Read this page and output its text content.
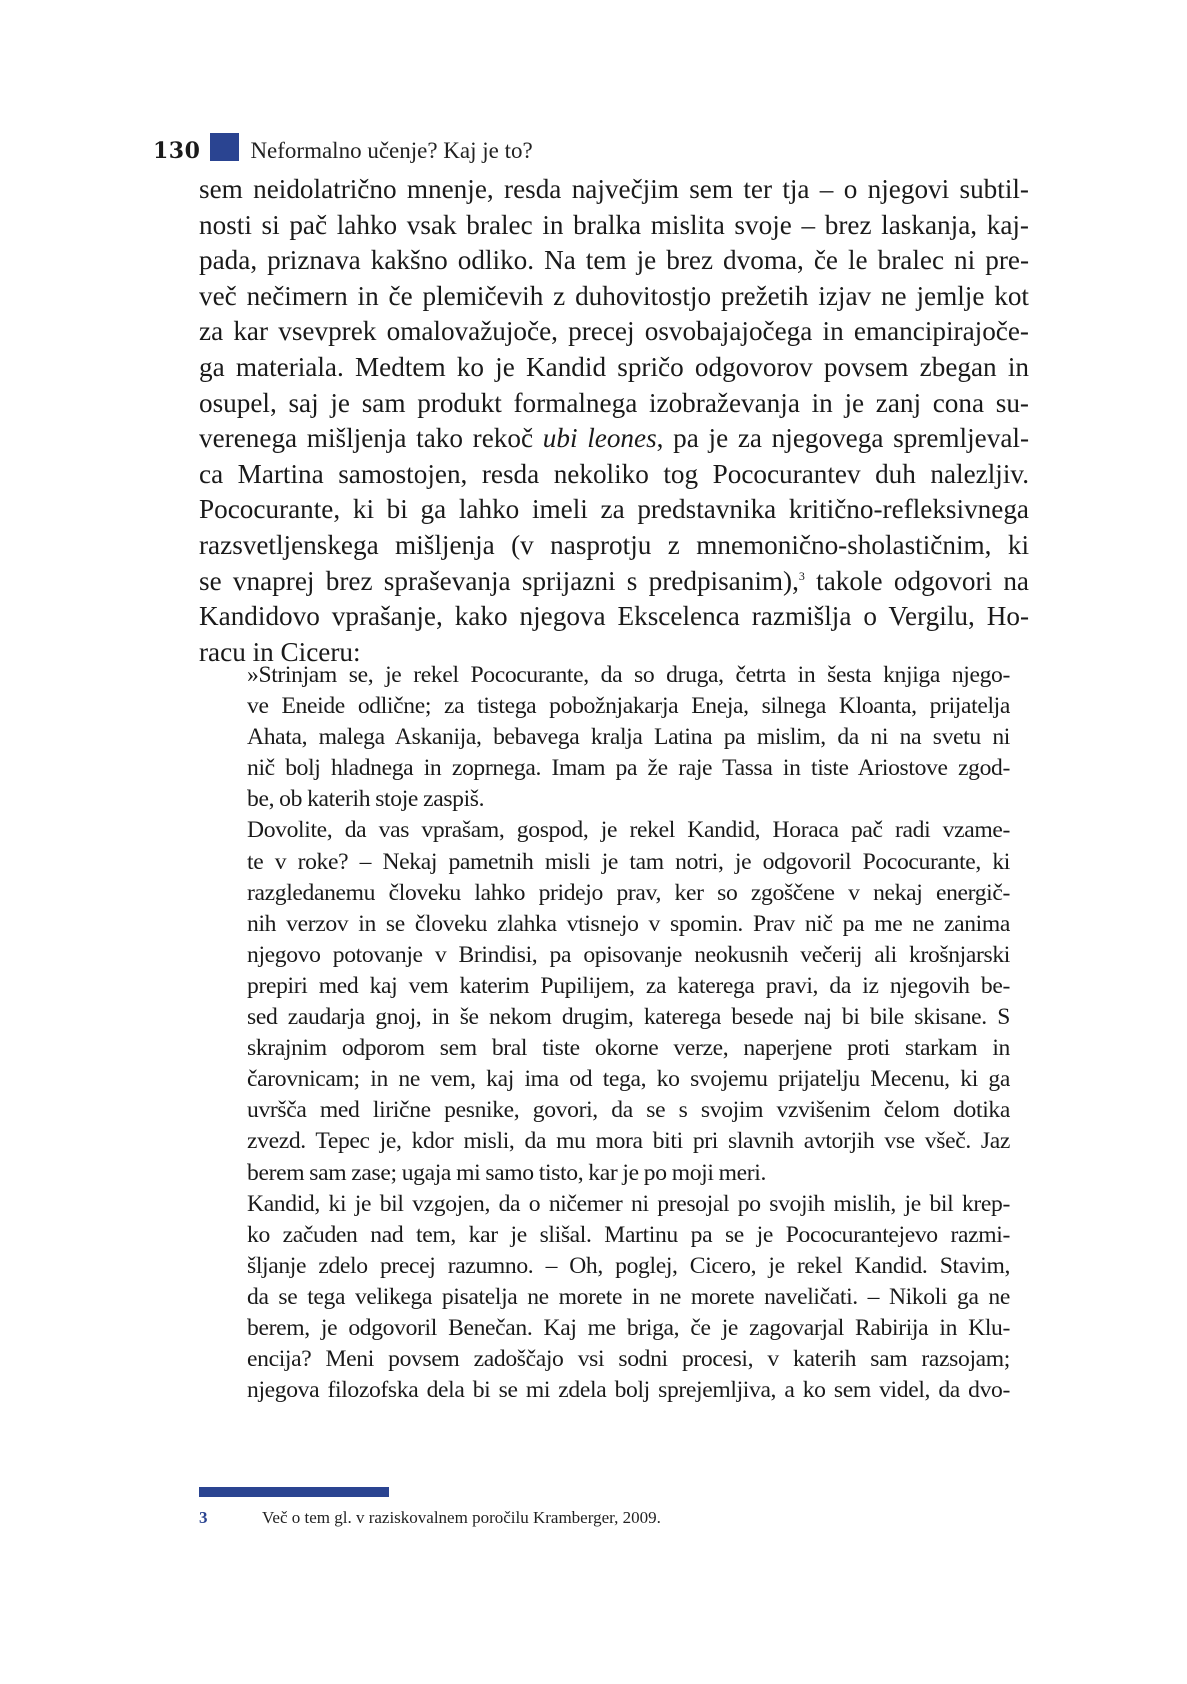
130 Neformalno učenje? Kaj je to?
sem neidolatrično mnenje, resda največjim sem ter tja – o njegovi subtil-
nosti si pač lahko vsak bralec in bralka mislita svoje – brez laskanja, kaj-
pada, priznava kakšno odliko. Na tem je brez dvoma, če le bralec ni pre-
več nečimern in če plemičevih z duhovitostjo prežetih izjav ne jemlje kot
za kar vsevprek omalovažujoče, precej osvobajajočega in emancipirajoče-
ga materiala. Medtem ko je Kandid spričo odgovorov povsem zbegan in
osupel, saj je sam produkt formalnega izobraževanja in je zanj cona su-
verenega mišljenja tako rekoč ubi leones, pa je za njegovega spremljeval-
ca Martina samostojen, resda nekoliko tog Pococurantev duh nalezljiv.
Pococurante, ki bi ga lahko imeli za predstavnika kritično-refleksivnega
razsvetljenskega mišljenja (v nasprotju z mnemonično-sholastičnim, ki
se vnaprej brez spraševanja sprijazni s predpisanim),$^3$ takole odgovori na
Kandidovo vprašanje, kako njegova Ekscelenca razmišlja o Vergilu, Ho-
racu in Ciceru:
»Strinjam se, je rekel Pococurante, da so druga, četrta in šesta knjiga njego-
ve Eneide odlične; za tistega pobožnjakarja Eneja, silnega Kloanta, prijatelja
Ahata, malega Askanija, bebavega kralja Latina pa mislim, da ni na svetu ni
nič bolj hladnega in zoprnega. Imam pa že raje Tassa in tiste Ariostove zgod-
be, ob katerih stoje zaspiš.
Dovolite, da vas vprašam, gospod, je rekel Kandid, Horaca pač radi vzame-
te v roke? – Nekaj pametnih misli je tam notri, je odgovoril Pococurante, ki
razgledanemu človeku lahko pridejo prav, ker so zgoščene v nekaj energič-
nih verzov in se človeku zlahka vtisnejo v spomin. Prav nič pa me ne zanima
njegovo potovanje v Brindisi, pa opisovanje neokusnih večerij ali krošnjarski
prepiri med kaj vem katerim Pupilijem, za katerega pravi, da iz njegovih be-
sed zaudarja gnoj, in še nekom drugim, katerega besede naj bi bile skisane. S
skrajnim odporom sem bral tiste okorne verze, naperjene proti starkam in
čarovnicam; in ne vem, kaj ima od tega, ko svojemu prijatelju Mecenu, ki ga
uvršča med lirične pesnike, govori, da se s svojim vzvišenim čelom dotika
zvezd. Tepec je, kdor misli, da mu mora biti pri slavnih avtorjih vse všeč. Jaz
berem sam zase; ugaja mi samo tisto, kar je po moji meri.
Kandid, ki je bil vzgojen, da o ničemer ni presojal po svojih mislih, je bil krep-
ko začuden nad tem, kar je slišal. Martinu pa se je Pococurantejevo razmi-
šljanje zdelo precej razumno. – Oh, poglej, Cicero, je rekel Kandid. Stavim,
da se tega velikega pisatelja ne morete in ne morete naveličati. – Nikoli ga ne
berem, je odgovoril Benečan. Kaj me briga, če je zagovarjal Rabirija in Klu-
encija? Meni povsem zadoščajo vsi sodni procesi, v katerih sam razsojam;
njegova filozofska dela bi se mi zdela bolj sprejemljiva, a ko sem videl, da dvo-
3	Več o tem gl. v raziskovalnem poročilu Kramberger, 2009.
